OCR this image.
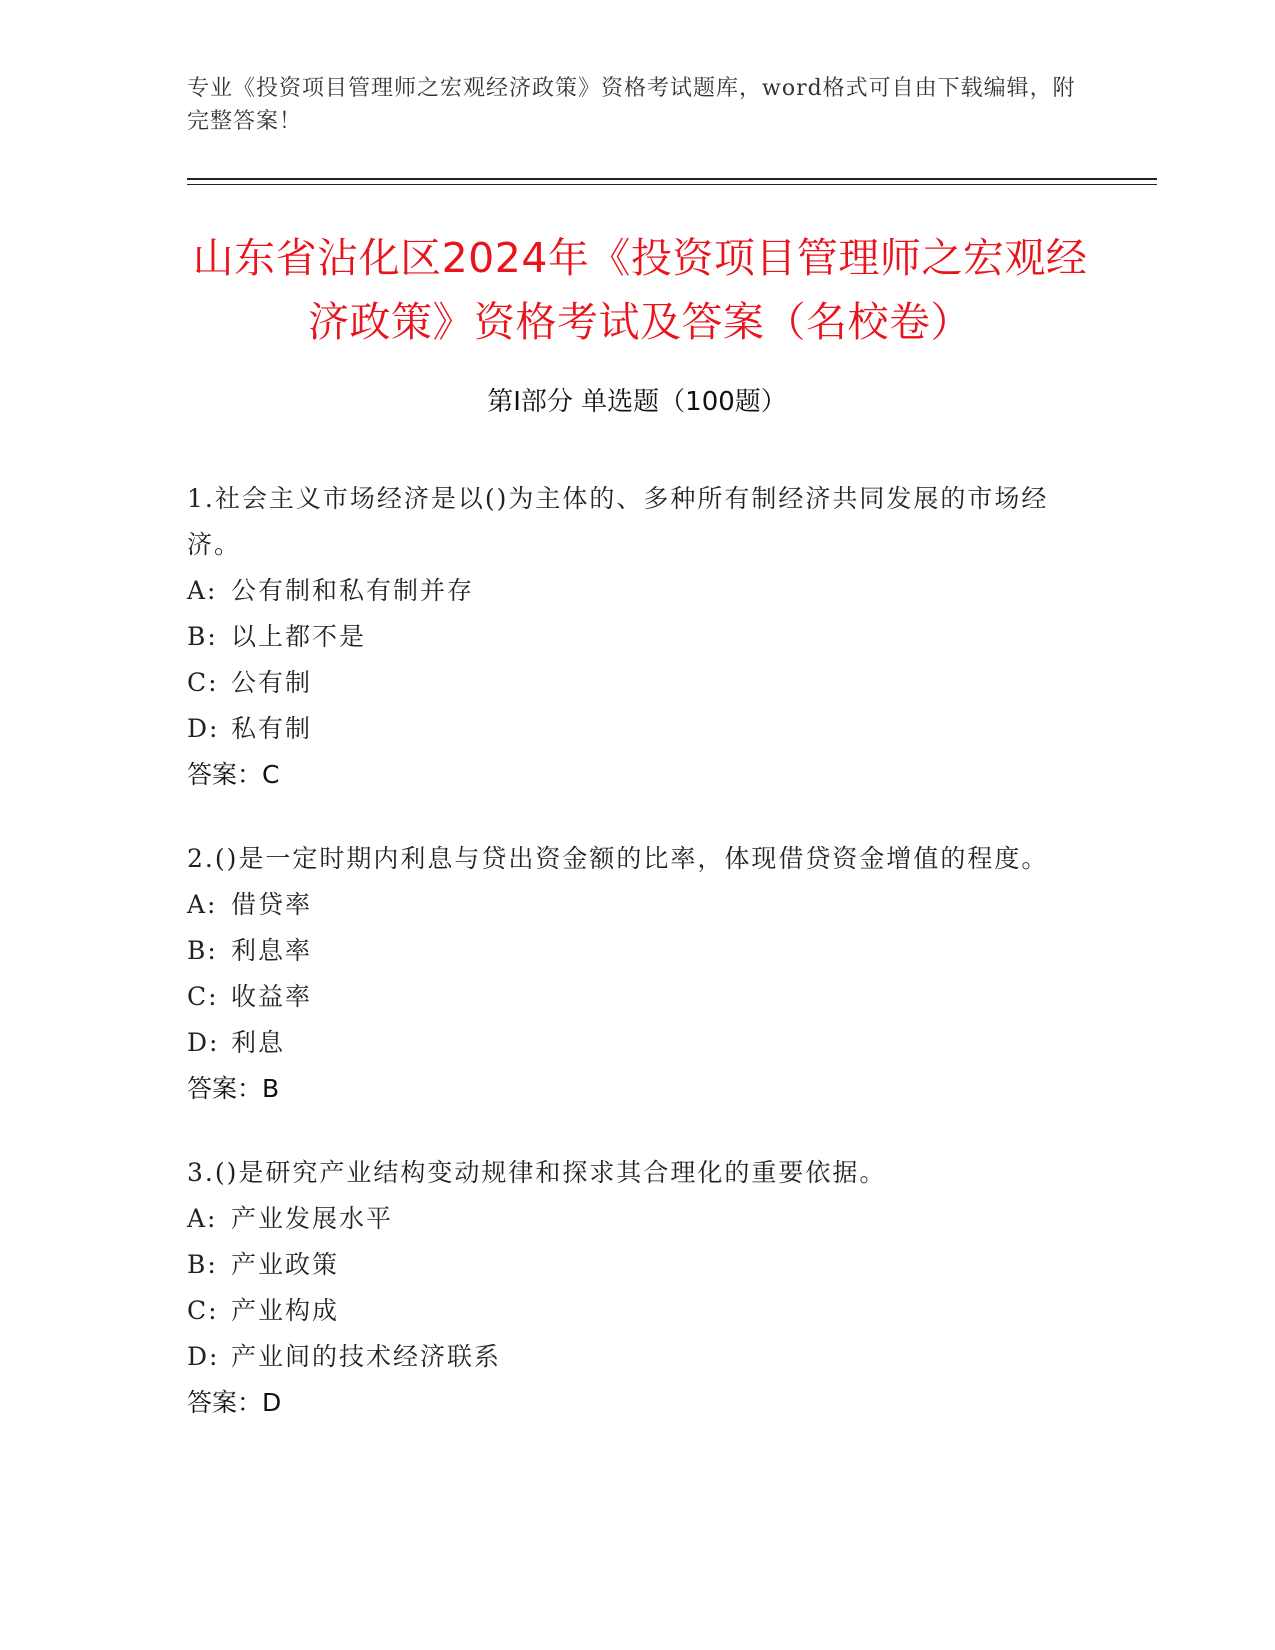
专业《投资项目管理师之宏观经济政策》资格考试题库，word格式可自由下载编辑，附完整答案！
山东省沾化区2024年《投资项目管理师之宏观经济政策》资格考试及答案（名校卷）
第Ⅰ部分 单选题（100题）

1.社会主义市场经济是以()为主体的、多种所有制经济共同发展的市场经济。

A: 公有制和私有制并存

B: 以上都不是

C: 公有制

D: 私有制

答案：C

2.()是一定时期内利息与贷出资金额的比率，体现借贷资金增值的程度。

A: 借贷率

B: 利息率

C: 收益率

D: 利息

答案：B

3.()是研究产业结构变动规律和探求其合理化的重要依据。

A: 产业发展水平

B: 产业政策

C: 产业构成

D: 产业间的技术经济联系

答案：D
